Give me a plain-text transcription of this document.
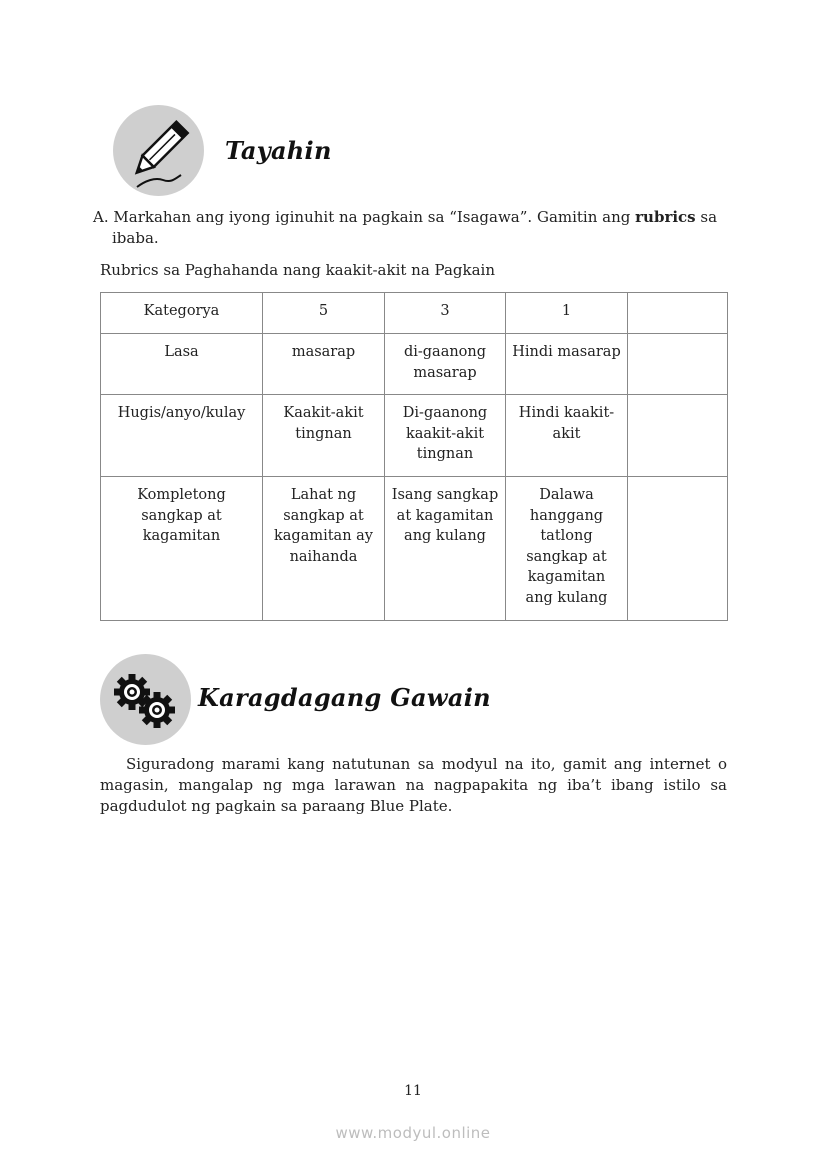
Tayahin
A. Markahan ang iyong iginuhit na pagkain sa “Isagawa”. Gamitin ang rubrics sa
ibaba.
Rubrics sa Paghahanda nang kaakit-akit na Pagkain
Kategorya	5	3	1	
Lasa	masarap	di-gaanong masarap	Hindi masarap	
Hugis/anyo/kulay	Kaakit-akit tingnan	Di-gaanong kaakit-akit tingnan	Hindi kaakit-akit	
Kompletong sangkap at kagamitan	Lahat ng sangkap at kagamitan ay naihanda	Isang sangkap at kagamitan ang kulang	Dalawa hanggang tatlong sangkap at kagamitan ang kulang	
Karagdagang Gawain
Siguradong marami kang natutunan sa modyul na ito, gamit ang internet o magasin, mangalap ng mga larawan na nagpapakita ng iba’t ibang istilo sa pagdudulot ng pagkain sa paraang Blue Plate.
11
www.modyul.online
